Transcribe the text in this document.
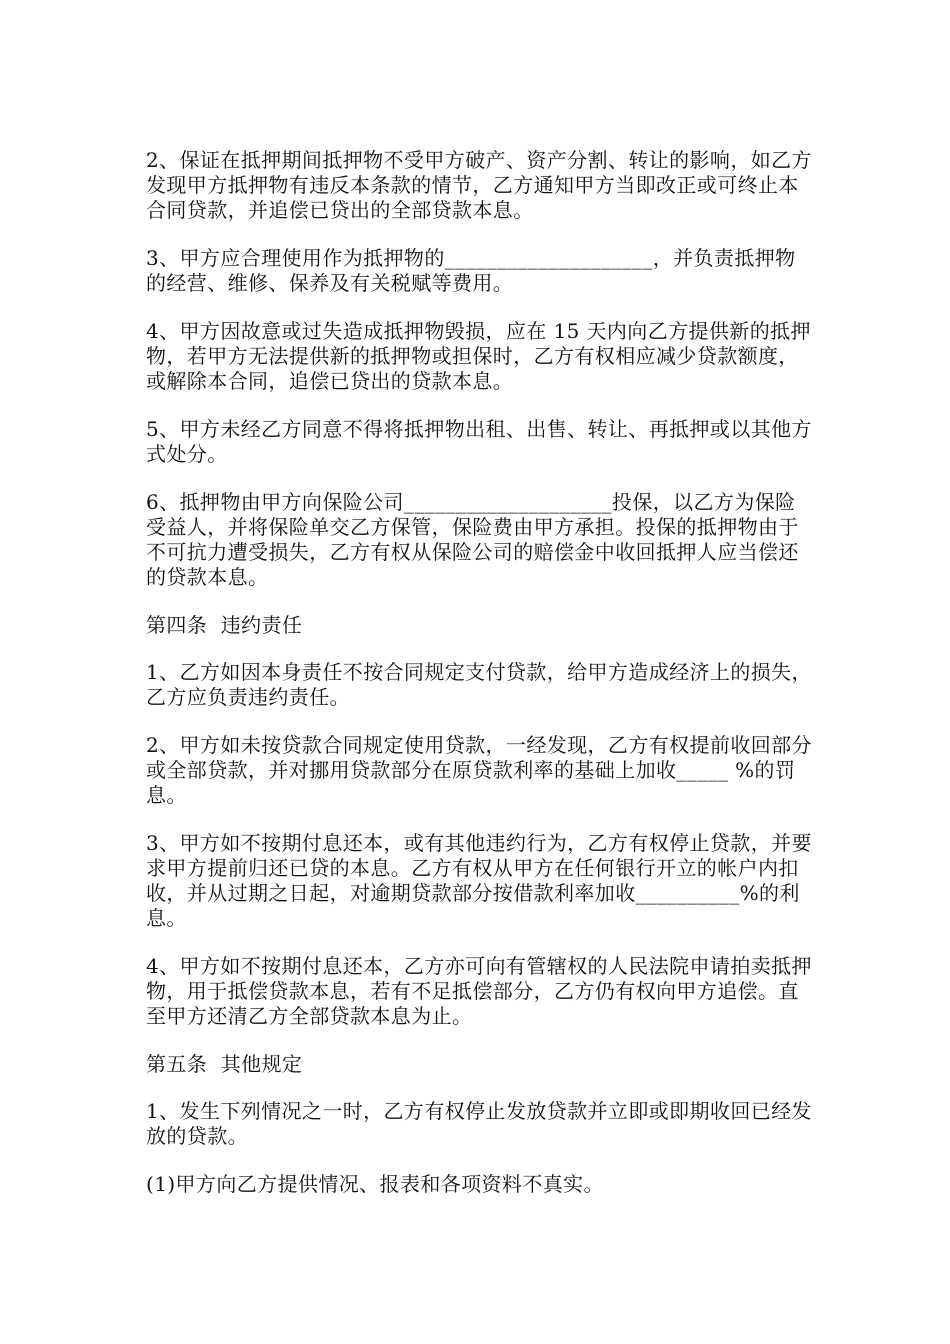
2、保证在抵押期间抵押物不受甲方破产、资产分割、转让的影响，如乙方发现甲方抵押物有违反本条款的情节，乙方通知甲方当即改正或可终止本合同贷款，并追偿已贷出的全部贷款本息。

3、甲方应合理使用作为抵押物的____________________，并负责抵押物的经营、维修、保养及有关税赋等费用。

4、甲方因故意或过失造成抵押物毁损，应在 15 天内向乙方提供新的抵押物，若甲方无法提供新的抵押物或担保时，乙方有权相应减少贷款额度，或解除本合同，追偿已贷出的贷款本息。

5、甲方未经乙方同意不得将抵押物出租、出售、转让、再抵押或以其他方式处分。

6、抵押物由甲方向保险公司____________________投保，以乙方为保险受益人，并将保险单交乙方保管，保险费由甲方承担。投保的抵押物由于不可抗力遭受损失，乙方有权从保险公司的赔偿金中收回抵押人应当偿还的贷款本息。

第四条  违约责任

1、乙方如因本身责任不按合同规定支付贷款，给甲方造成经济上的损失，乙方应负责违约责任。

2、甲方如未按贷款合同规定使用贷款，一经发现，乙方有权提前收回部分或全部贷款，并对挪用贷款部分在原贷款利率的基础上加收_____ %的罚息。

3、甲方如不按期付息还本，或有其他违约行为，乙方有权停止贷款，并要求甲方提前归还已贷的本息。乙方有权从甲方在任何银行开立的帐户内扣收，并从过期之日起，对逾期贷款部分按借款利率加收__________%的利息。

4、甲方如不按期付息还本，乙方亦可向有管辖权的人民法院申请拍卖抵押物，用于抵偿贷款本息，若有不足抵偿部分，乙方仍有权向甲方追偿。直至甲方还清乙方全部贷款本息为止。

第五条  其他规定

1、发生下列情况之一时，乙方有权停止发放贷款并立即或即期收回已经发放的贷款。

(1)甲方向乙方提供情况、报表和各项资料不真实。
